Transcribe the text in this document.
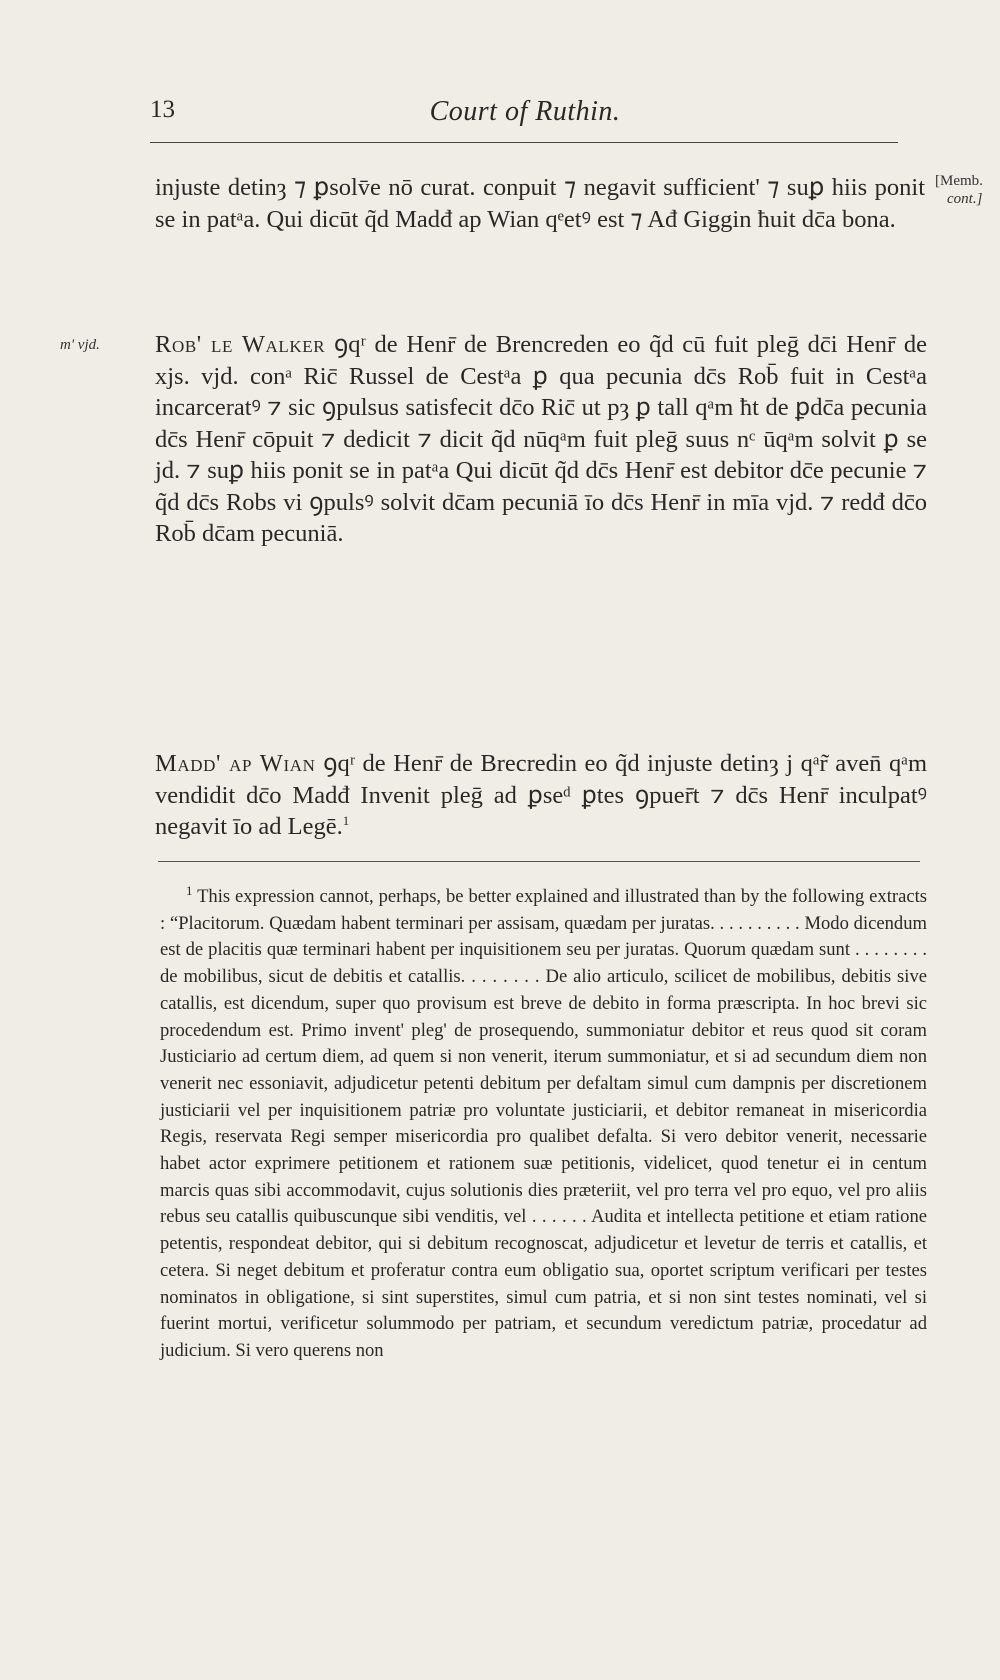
13	Court of Ruthin.

injuste detinȝ ⁊ ꝑsolv̄e nō curat. conpuit ⁊ negavit sufficient' ⁊ suꝑ hiis ponit se in patᵃa. Qui dicūt q̃d Madđ ap Wian qᵉetꝰ est ⁊ Ađ Giggin ħuit dc̄a bona.

[Memb.
cont.]
m' vjd. Rob' le Walker ꝯqʳ de Henr̄ de Brencreden eo q̃d cū fuit pleḡ dc̄i Henr̄ de xjs. vjd. conᵃ Ric̄ Russel de Cestᵃa ꝑ qua pecunia dc̄s Rob̄ fuit in Cestᵃa incarceratꝰ ⁊ sic ꝯpulsus satisfecit dc̄o Ric̄ ut pȝ ꝑ tall qᵃm ħt de ꝑdc̄a pecunia dc̄s Henr̄ cōpuit ⁊ dedicit ⁊ dicit q̃d nūqᵃm fuit pleḡ suus nᶜ ūqᵃm solvit ꝑ se jd. ⁊ suꝑ hiis ponit se in patᵃa Qui dicūt q̃d dc̄s Henr̄ est debitor dc̄e pecunie ⁊ q̃d dc̄s Robs vi ꝯpulsꝰ solvit dc̄am pecuniā īo dc̄s Henr̄ in mīa vjd. ⁊ redđ dc̄o Rob̄ dc̄am pecuniā.

Madd' ap Wian ꝯqʳ de Henr̄ de Brecredin eo q̃d injuste detinȝ j qᵃr̃ aven̄ qᵃm vendidit dc̄o Madđ Invenit pleḡ ad ꝑseᵈ ꝑtes ꝯpuer̄t ⁊ dc̄s Henr̄ inculpatꝰ negavit īo ad Legē.$^1$

$^1$ This expression cannot, perhaps, be better explained and illustrated than by the following extracts : “Placitorum. Quædam habent terminari per assisam, quædam per juratas. . . . . . . . . . Modo dicendum est de placitis quæ terminari habent per inquisitionem seu per juratas. Quorum quædam sunt . . . . . . . . de mobilibus, sicut de debitis et catallis. . . . . . . . De alio articulo, scilicet de mobilibus, debitis sive catallis, est dicendum, super quo provisum est breve de debito in forma præscripta. In hoc brevi sic procedendum est. Primo invent' pleg' de prosequendo, summoniatur debitor et reus quod sit coram Justiciario ad certum diem, ad quem si non venerit, iterum summoniatur, et si ad secundum diem non venerit nec essoniavit, adjudicetur petenti debitum per defaltam simul cum dampnis per discretionem justiciarii vel per inquisitionem patriæ pro voluntate justiciarii, et debitor remaneat in misericordia Regis, reservata Regi semper misericordia pro qualibet defalta. Si vero debitor venerit, necessarie habet actor exprimere petitionem et rationem suæ petitionis, videlicet, quod tenetur ei in centum marcis quas sibi accommodavit, cujus solutionis dies præteriit, vel pro terra vel pro equo, vel pro aliis rebus seu catallis quibuscunque sibi venditis, vel . . . . . . Audita et intellecta petitione et etiam ratione petentis, respondeat debitor, qui si debitum recognoscat, adjudicetur et levetur de terris et catallis, et cetera. Si neget debitum et proferatur contra eum obligatio sua, oportet scriptum verificari per testes nominatos in obligatione, si sint superstites, simul cum patria, et si non sint testes nominati, vel si fuerint mortui, verificetur solummodo per patriam, et secundum veredictum patriæ, procedatur ad judicium. Si vero querens non
